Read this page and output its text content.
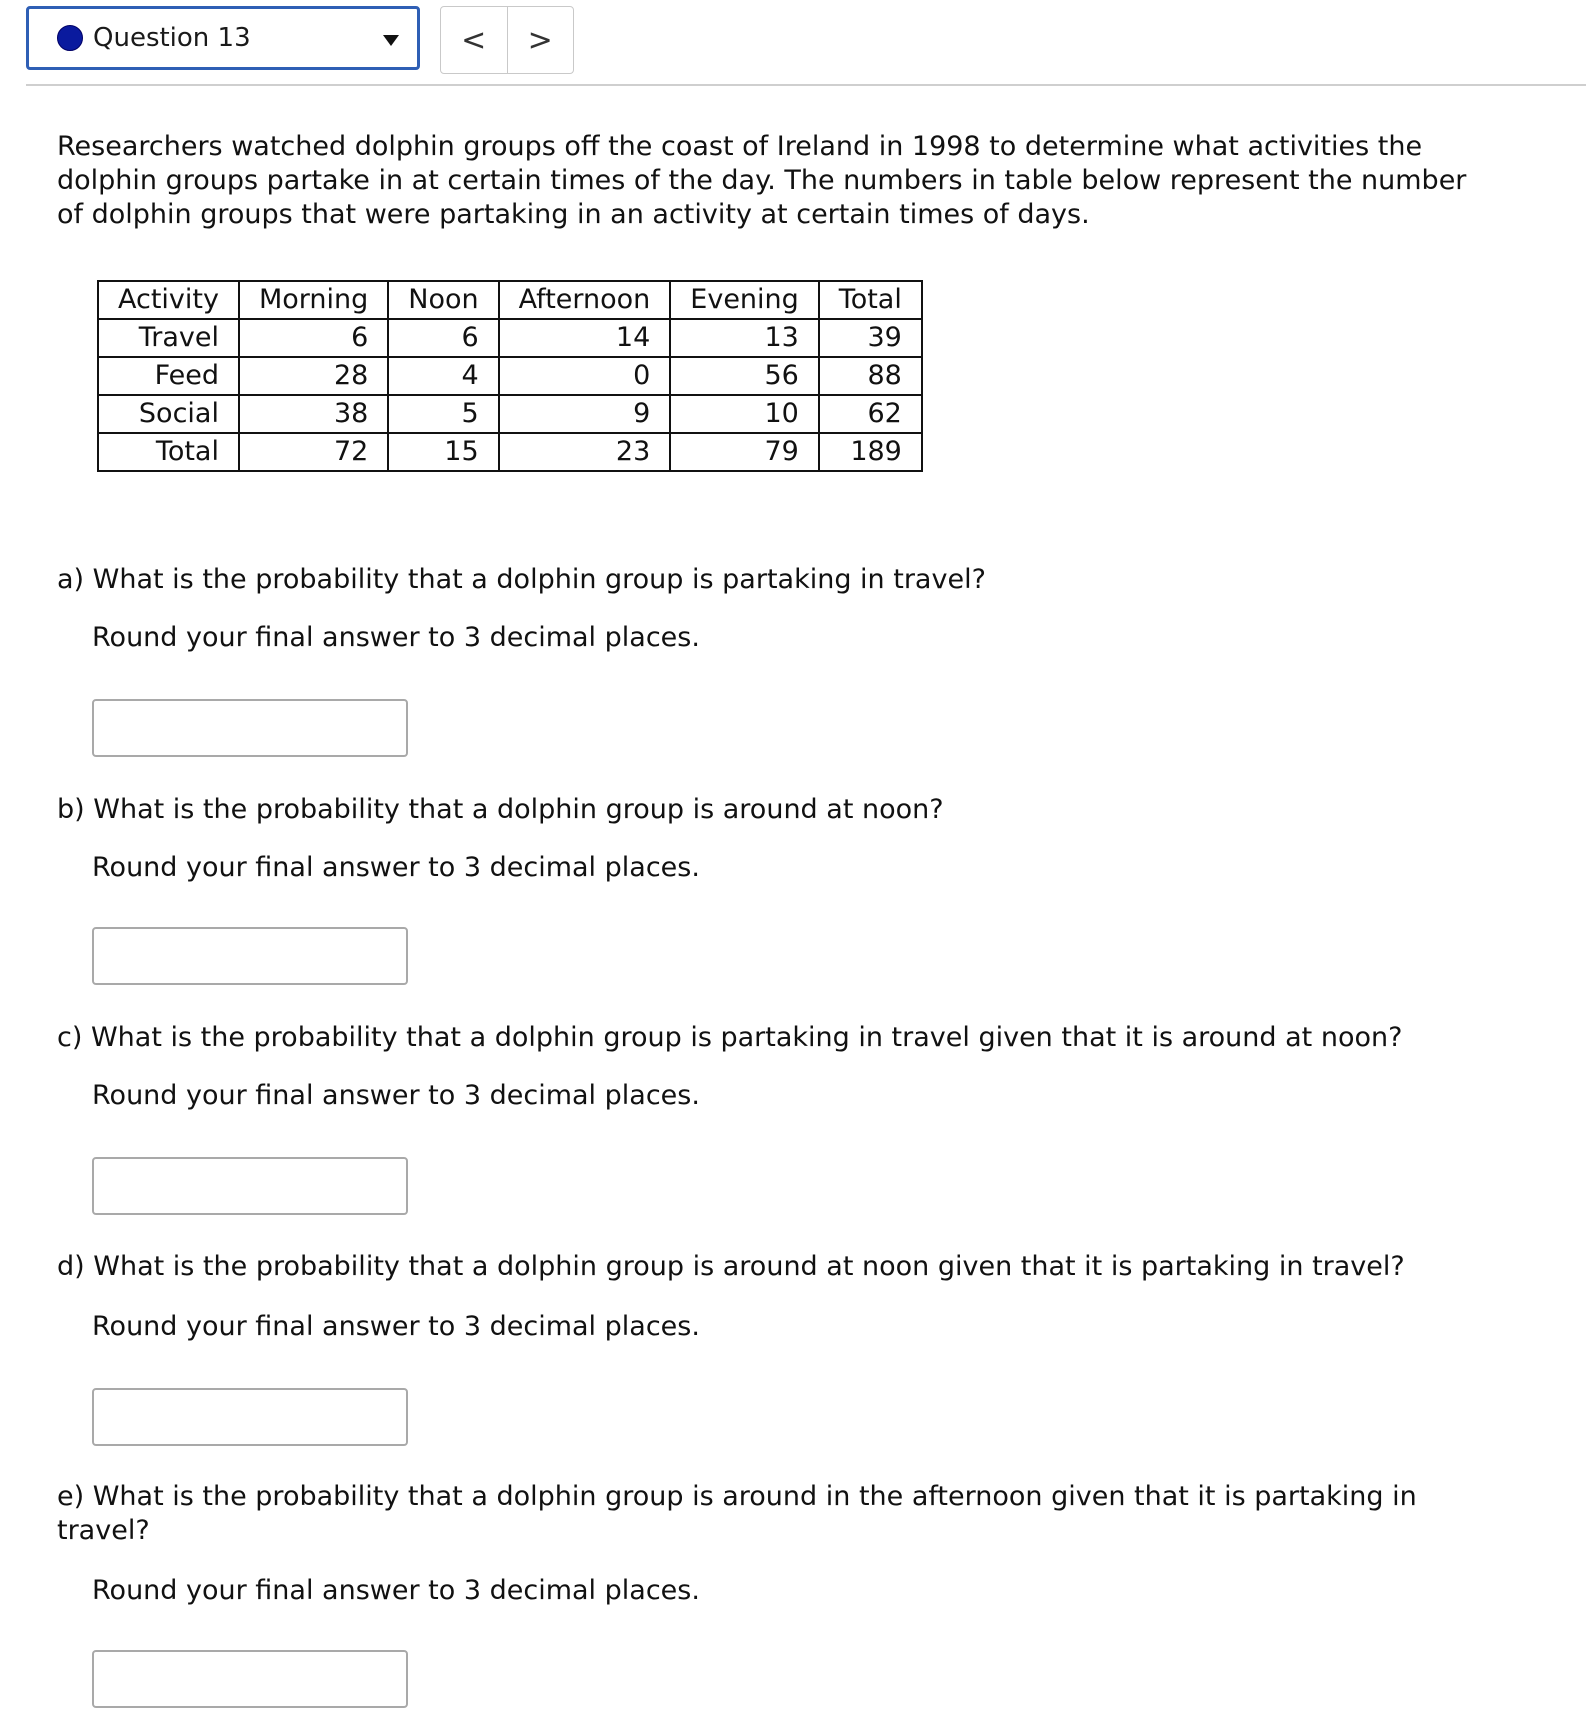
Question 13	<	>

Researchers watched dolphin groups off the coast of Ireland in 1998 to determine what activities the dolphin groups partake in at certain times of the day. The numbers in table below represent the number of dolphin groups that were partaking in an activity at certain times of days.

Activity	Morning	Noon	Afternoon	Evening	Total
Travel	6	6	14	13	39
Feed	28	4	0	56	88
Social	38	5	9	10	62
Total	72	15	23	79	189

a) What is the probability that a dolphin group is partaking in travel?

Round your final answer to 3 decimal places.

b) What is the probability that a dolphin group is around at noon?

Round your final answer to 3 decimal places.

c) What is the probability that a dolphin group is partaking in travel given that it is around at noon?

Round your final answer to 3 decimal places.

d) What is the probability that a dolphin group is around at noon given that it is partaking in travel?

Round your final answer to 3 decimal places.

e) What is the probability that a dolphin group is around in the afternoon given that it is partaking in travel?

Round your final answer to 3 decimal places.
